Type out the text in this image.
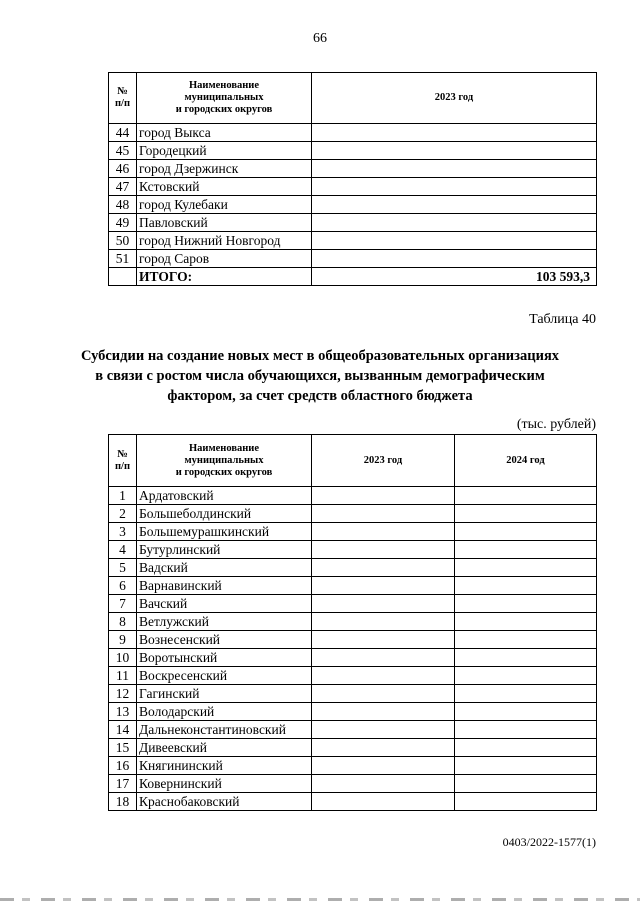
66
№
п/п	Наименование
муниципальных
и городских округов	2023 год
44	город Выкса	
45	Городецкий	
46	город Дзержинск	
47	Кстовский	
48	город Кулебаки	
49	Павловский	
50	город Нижний Новгород	
51	город Саров	
	ИТОГО:	103 593,3
Таблица 40
Субсидии на создание новых мест в общеобразовательных организациях в связи с ростом числа обучающихся, вызванным демографическим фактором, за счет средств областного бюджета
(тыс. рублей)
№
п/п	Наименование
муниципальных
и городских округов	2023 год	2024 год
1	Ардатовский		
2	Большеболдинский		
3	Большемурашкинский		
4	Бутурлинский		
5	Вадский		
6	Варнавинский		
7	Вачский		
8	Ветлужский		
9	Вознесенский		
10	Воротынский		
11	Воскресенский		
12	Гагинский		
13	Володарский		
14	Дальнеконстантиновский		
15	Дивеевский		
16	Княгининский		
17	Ковернинский		
18	Краснобаковский		
0403/2022-1577(1)
